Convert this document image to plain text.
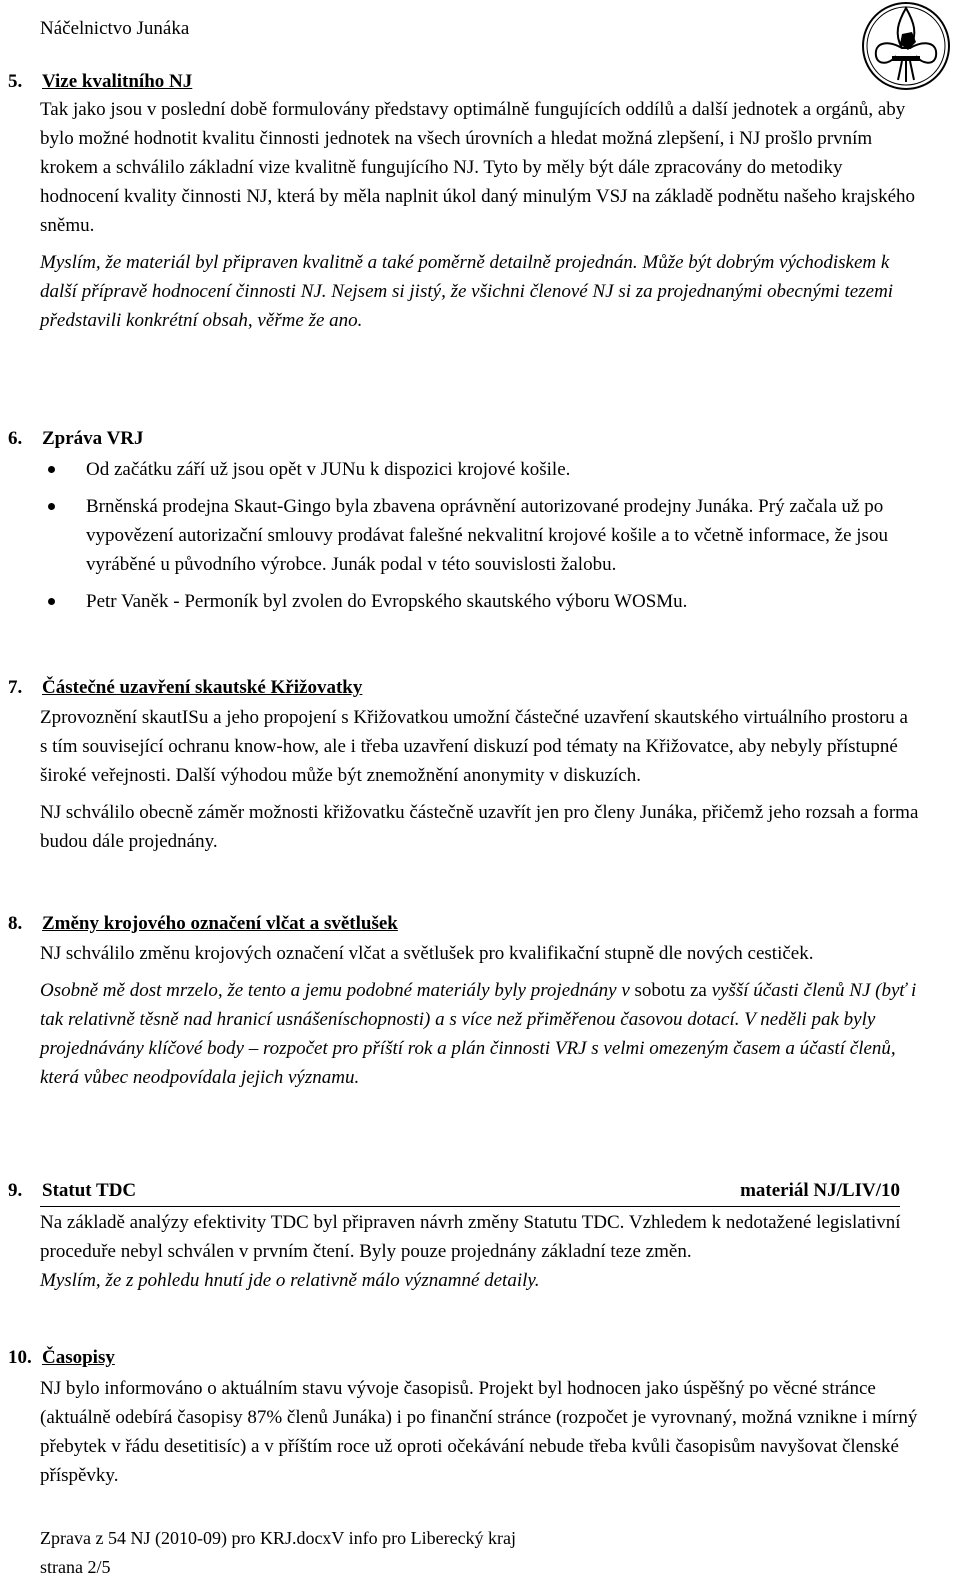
Náčelnictvo Junáka
5. Vize kvalitního NJ

Tak jako jsou v poslední době formulovány představy optimálně fungujících oddílů a další jednotek a orgánů, aby bylo možné hodnotit kvalitu činnosti jednotek na všech úrovních a hledat možná zlepšení, i NJ prošlo prvním krokem a schválilo základní vize kvalitně fungujícího NJ. Tyto by měly být dále zpracovány do metodiky hodnocení kvality činnosti NJ, která by měla naplnit úkol daný minulým VSJ na základě podnětu našeho krajského sněmu.

Myslím, že materiál byl připraven kvalitně a také poměrně detailně projednán. Může být dobrým východiskem k další přípravě hodnocení činnosti NJ. Nejsem si jistý, že všichni členové NJ si za projednanými obecnými tezemi představili konkrétní obsah, věřme že ano.

6. Zpráva VRJ
Od začátku září už jsou opět v JUNu k dispozici krojové košile.
Brněnská prodejna Skaut-Gingo byla zbavena oprávnění autorizované prodejny Junáka. Prý začala už po vypovězení autorizační smlouvy prodávat falešné nekvalitní krojové košile a to včetně informace, že jsou vyráběné u původního výrobce. Junák podal v této souvislosti žalobu.
Petr Vaněk - Permoník byl zvolen do Evropského skautského výboru WOSMu.
7. Částečné uzavření skautské Křižovatky

Zprovoznění skautISu a jeho propojení s Křižovatkou umožní částečné uzavření skautského virtuálního prostoru a s tím související ochranu know-how, ale i třeba uzavření diskuzí pod tématy na Křižovatce, aby nebyly přístupné široké veřejnosti. Další výhodou může být znemožnění anonymity v diskuzích.

NJ schválilo obecně záměr možnosti křižovatku částečně uzavřít jen pro členy Junáka, přičemž jeho rozsah a forma budou dále projednány.

8. Změny krojového označení vlčat a světlušek

NJ schválilo změnu krojových označení vlčat a světlušek pro kvalifikační stupně dle nových cestiček.

Osobně mě dost mrzelo, že tento a jemu podobné materiály byly projednány v sobotu za vyšší účasti členů NJ (byť i tak relativně těsně nad hranicí usnášeníschopnosti) a s více než přiměřenou časovou dotací. V neděli pak byly projednávány klíčové body – rozpočet pro příští rok a plán činnosti VRJ s velmi omezeným časem a účastí členů, která vůbec neodpovídala jejich významu.

9. Statut TDC	materiál NJ/LIV/10

Na základě analýzy efektivity TDC byl připraven návrh změny Statutu TDC. Vzhledem k nedotažené legislativní proceduře nebyl schválen v prvním čtení. Byly pouze projednány základní teze změn.

Myslím, že z pohledu hnutí jde o relativně málo významné detaily.

10. Časopisy

NJ bylo informováno o aktuálním stavu vývoje časopisů. Projekt byl hodnocen jako úspěšný po věcné stránce (aktuálně odebírá časopisy 87% členů Junáka) i po finanční stránce (rozpočet je vyrovnaný, možná vznikne i mírný přebytek v řádu desetitisíc) a v příštím roce už oproti očekávání nebude třeba kvůli časopisům navyšovat členské příspěvky.

Zprava z 54 NJ (2010-09) pro KRJ.docxV info pro Liberecký kraj
strana 2/5
